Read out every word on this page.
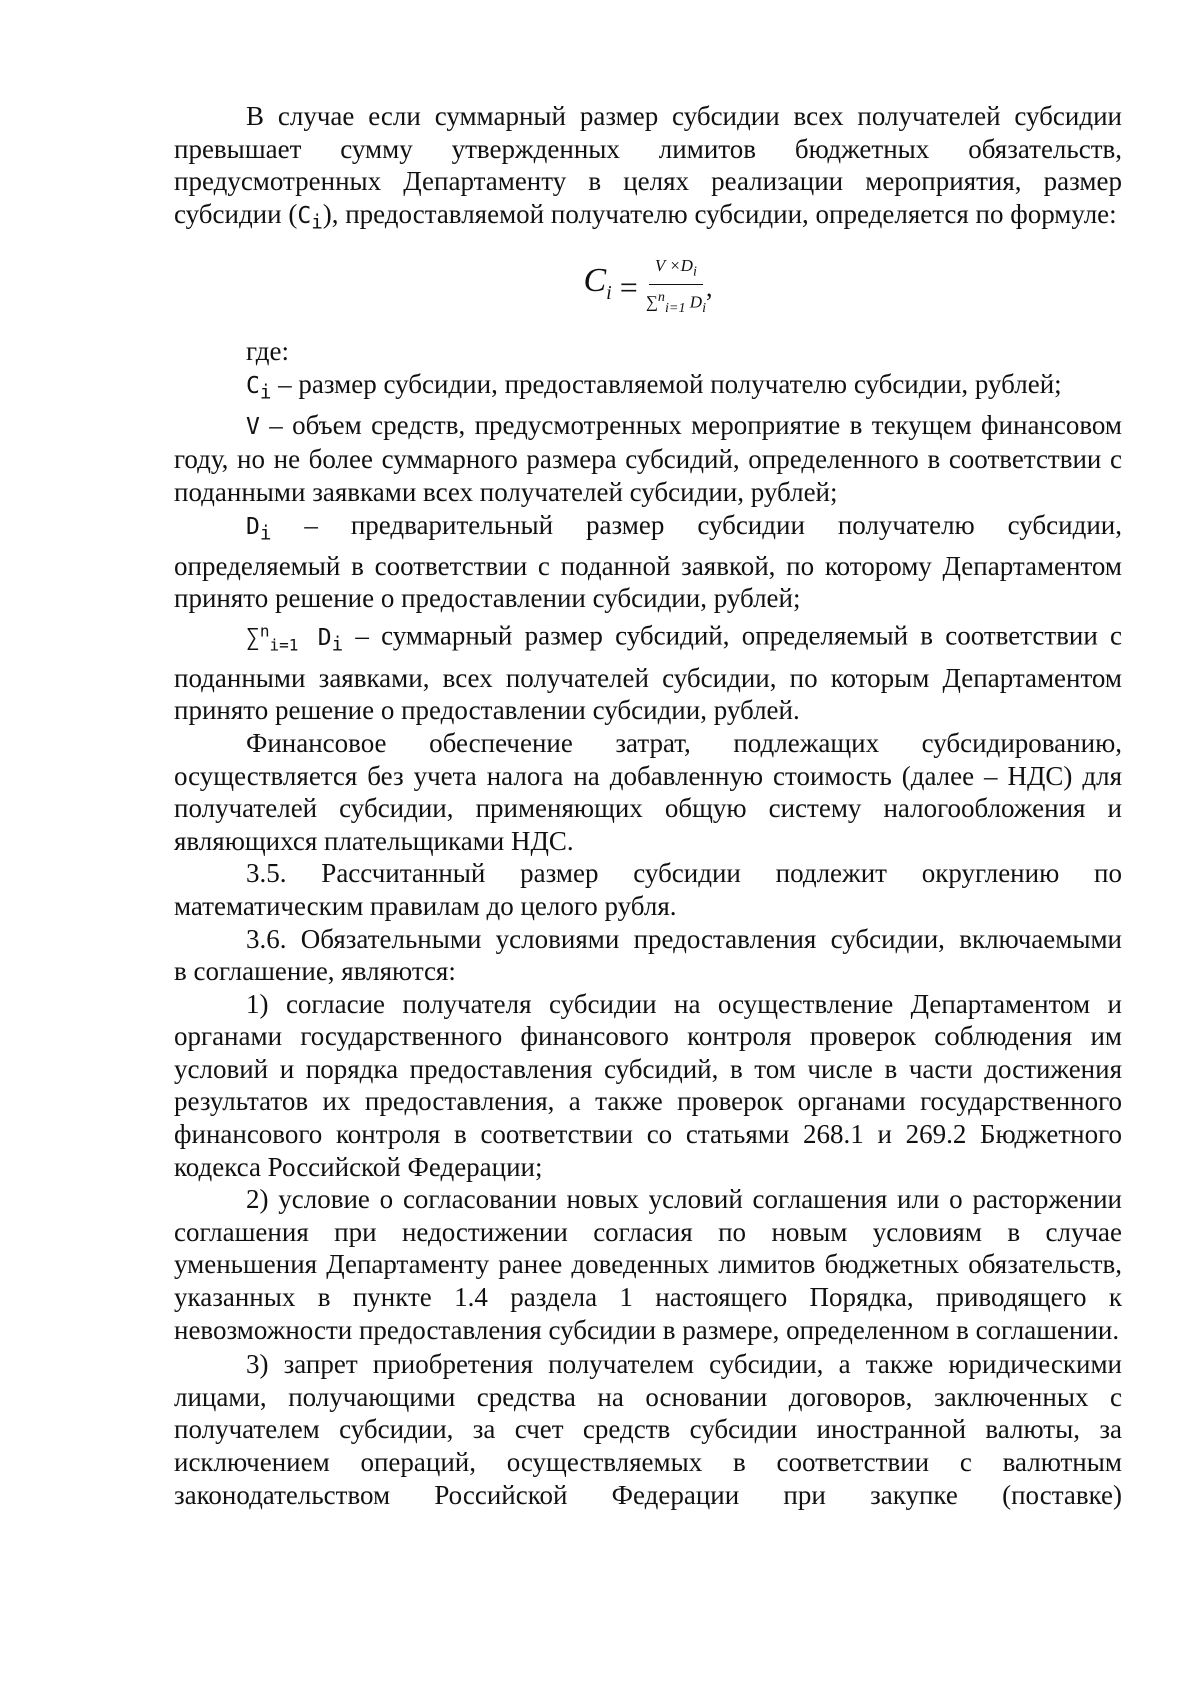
В случае если суммарный размер субсидии всех получателей субсидии превышает сумму утвержденных лимитов бюджетных обязательств, предусмотренных Департаменту в целях реализации мероприятия, размер субсидии $(C_i)$, предоставляемой получателю субсидии, определяется по формуле:

$C_i = \frac{V \times D_i}{\sum^n_{i=1} D_i}$ ,

где:

$C_i$ – размер субсидии, предоставляемой получателю субсидии, рублей;

V – объем средств, предусмотренных мероприятие в текущем финансовом году, но не более суммарного размера субсидий, определенного в соответствии с поданными заявками всех получателей субсидии, рублей;

$D_i$ – предварительный размер субсидии получателю субсидии, определяемый в соответствии с поданной заявкой, по которому Департаментом принято решение о предоставлении субсидии, рублей;

∑$^n_{i=1}$ $D_i$ – суммарный размер субсидий, определяемый в соответствии с поданными заявками, всех получателей субсидии, по которым Департаментом принято решение о предоставлении субсидии, рублей.

Финансовое обеспечение затрат, подлежащих субсидированию, осуществляется без учета налога на добавленную стоимость (далее – НДС) для получателей субсидии, применяющих общую систему налогообложения и являющихся плательщиками НДС.

3.5. Рассчитанный размер субсидии подлежит округлению по математическим правилам до целого рубля.

3.6. Обязательными условиями предоставления субсидии, включаемыми

в соглашение, являются:

1) согласие получателя субсидии на осуществление Департаментом и органами государственного финансового контроля проверок соблюдения им условий и порядка предоставления субсидий, в том числе в части достижения результатов их предоставления, а также проверок органами государственного финансового контроля в соответствии со статьями 268.1 и 269.2 Бюджетного кодекса Российской Федерации;

2) условие о согласовании новых условий соглашения или о расторжении соглашения при недостижении согласия по новым условиям в случае уменьшения Департаменту ранее доведенных лимитов бюджетных обязательств, указанных в пункте 1.4 раздела 1 настоящего Порядка, приводящего к невозможности предоставления субсидии в размере, определенном в соглашении.

3) запрет приобретения получателем субсидии, а также юридическими лицами, получающими средства на основании договоров, заключенных с получателем субсидии, за счет средств субсидии иностранной валюты, за исключением операций, осуществляемых в соответствии с валютным законодательством Российской Федерации при закупке (поставке)
